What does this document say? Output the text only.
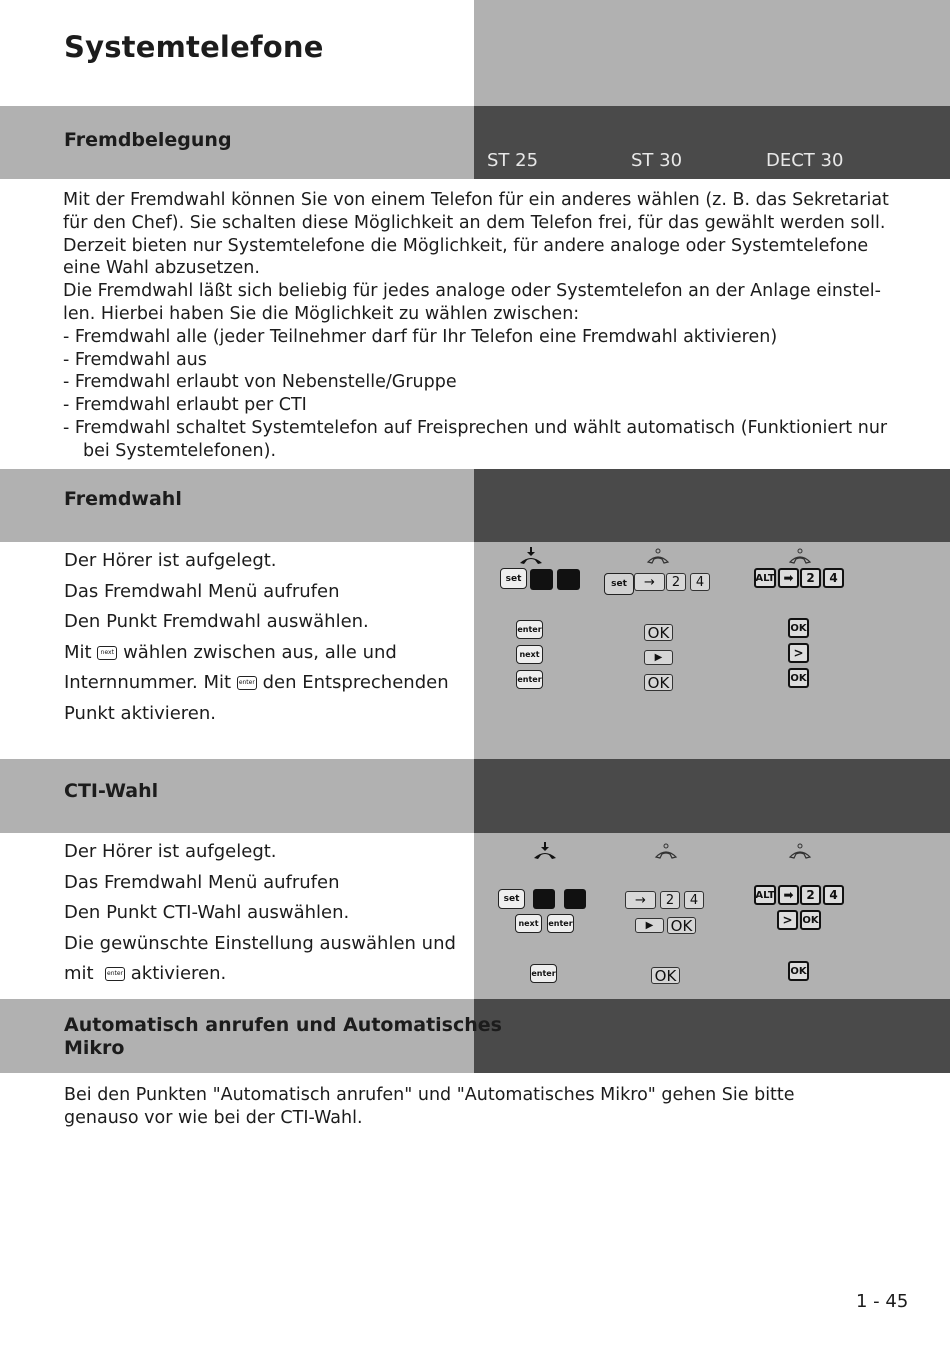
Systemtelefone
Fremdbelegung
ST 25	ST 30	DECT 30
Mit der Fremdwahl können Sie von einem Telefon für ein anderes wählen (z. B. das Sekretariat
für den Chef). Sie schalten diese Möglichkeit an dem Telefon frei, für das gewählt werden soll.
Derzeit bieten nur Systemtelefone die Möglichkeit, für andere analoge oder Systemtelefone
eine Wahl abzusetzen.
Die Fremdwahl läßt sich beliebig für jedes analoge oder Systemtelefon an der Anlage einstel-
len. Hierbei haben Sie die Möglichkeit zu wählen zwischen:
- Fremdwahl alle (jeder Teilnehmer darf für Ihr Telefon eine Fremdwahl aktivieren)
- Fremdwahl aus
- Fremdwahl erlaubt von Nebenstelle/Gruppe
- Fremdwahl erlaubt per CTI
- Fremdwahl schaltet Systemtelefon auf Freisprechen und wählt automatisch (Funktioniert nur
bei Systemtelefonen).
Fremdwahl
Der Hörer ist aufgelegt.
Das Fremdwahl Menü aufrufen
Den Punkt Fremdwahl auswählen.
Mit next wählen zwischen aus, alle und
Internnummer. Mit enter den Entsprechenden
Punkt aktivieren.
set
enter
next
enter
set	→	2	4
OK
▶
OK
ALT ➡	2	4
OK
>
OK
CTI-Wahl
Der Hörer ist aufgelegt.
Das Fremdwahl Menü aufrufen
Den Punkt CTI-Wahl auswählen.
Die gewünschte Einstellung auswählen und
mit enter aktivieren.
set
next	enter
enter
→	2	4
▶	OK
OK
ALT ➡	2	4
> OK
OK
Automatisch anrufen und Automatisches
Mikro
Bei den Punkten "Automatisch anrufen" und "Automatisches Mikro" gehen Sie bitte
genauso vor wie bei der CTI-Wahl.
1 - 45
